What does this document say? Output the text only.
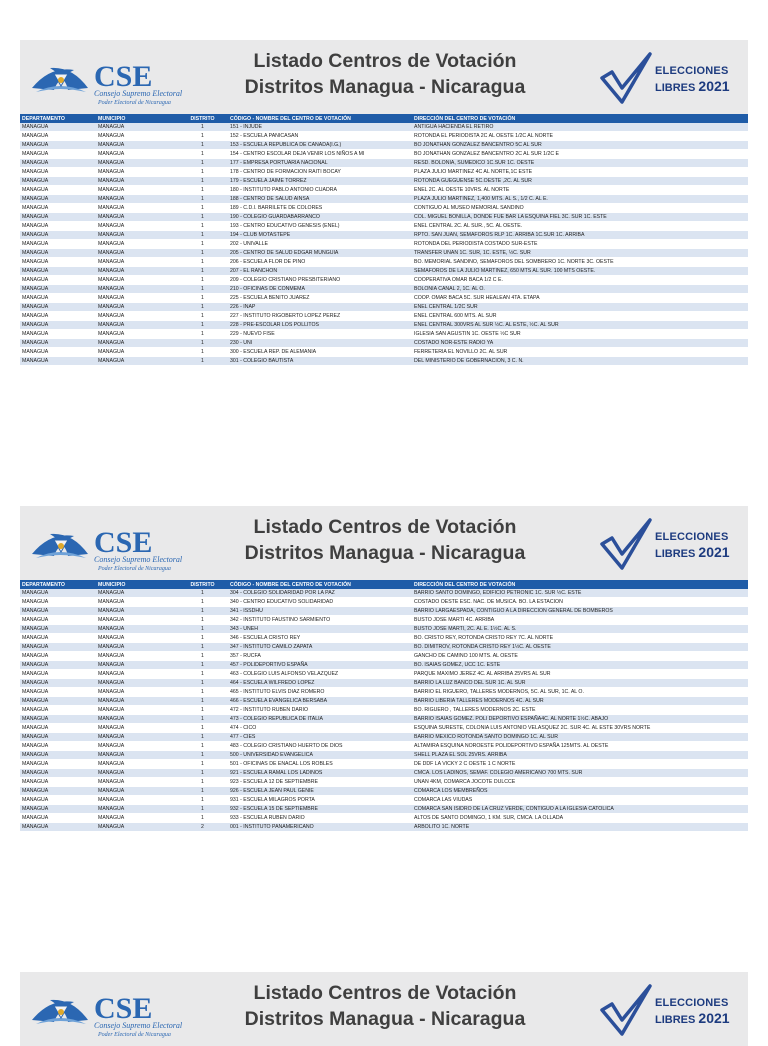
CSE
Consejo Supremo Electoral
Poder Electoral de Nicaragua
Listado Centros de Votación
Distritos Managua - Nicaragua
ELECCIONES
LIBRES 2021
DEPARTAMENTO	MUNICIPIO	DISTRITO	CÓDIGO - NOMBRE DEL CENTRO DE VOTACIÓN	DIRECCIÓN DEL CENTRO DE VOTACIÓN
MANAGUA	MANAGUA	1	151 - INJUDE	ANTIGUA HACIENDA EL RETIRO
MANAGUA	MANAGUA	1	152 - ESCUELA PANICASAN	ROTONDA EL PERIODISTA 2C AL OESTE 1/2C AL NORTE
MANAGUA	MANAGUA	1	153 - ESCUELA REPUBLICA DE CANADA(I.G.)	BO JONATHAN GONZALEZ BANCENTRO 5C AL SUR
MANAGUA	MANAGUA	1	154 - CENTRO ESCOLAR DEJA VENIR LOS NIÑOS A MI	BO JONATHAN GONZALEZ BANCENTRO 2C AL SUR 1/2C E
MANAGUA	MANAGUA	1	177 - EMPRESA PORTUARIA NACIONAL	RESD. BOLONIA, SUMEDICO 1C.SUR 1C. OESTE
MANAGUA	MANAGUA	1	178 - CENTRO DE FORMACION RAITI BOCAY	PLAZA JULIO MARTINEZ 4C AL NORTE,1C ESTE
MANAGUA	MANAGUA	1	179 - ESCUELA JAIME TORREZ	ROTONDA GUEGUENSE 5C.OESTE ,2C. AL SUR
MANAGUA	MANAGUA	1	180 - INSTITUTO PABLO ANTONIO CUADRA	ENEL 2C. AL OESTE 10VRS. AL NORTE
MANAGUA	MANAGUA	1	188 - CENTRO DE SALUD AINSA	PLAZA JULIO MARTINEZ, 1,400 MTS. AL S., 1/2 C. AL E.
MANAGUA	MANAGUA	1	189 - C.D.I. BARRILETE DE COLORES	CONTIGUO AL MUSEO MEMORIAL SANDINO
MANAGUA	MANAGUA	1	190 - COLEGIO GUARDABARRANCO	COL. MIGUEL BONILLA, DONDE FUE BAR LA ESQUINA FIEL 3C. SUR 1C. ESTE
MANAGUA	MANAGUA	1	193 - CENTRO EDUCATIVO GENESIS (ENEL)	ENEL CENTRAL 2C. AL SUR., 5C. AL OESTE.
MANAGUA	MANAGUA	1	194 - CLUB MOTASTEPE	RPTO. SAN JUAN, SEMAFOROS RLP 1C. ARRIBA 1C.SUR 1C. ARRIBA
MANAGUA	MANAGUA	1	202 - UNIVALLE	ROTONDA DEL PERIODISTA COSTADO SUR-ESTE
MANAGUA	MANAGUA	1	205 - CENTRO DE SALUD EDGAR MUNGUIA	TRANSFER UNAN 1C. SUR, 1C. ESTE, ½C. SUR
MANAGUA	MANAGUA	1	206 - ESCUELA FLOR DE PINO	BO. MEMORIAL SANDINO, SEMAFOROS DEL SOMBRERO 1C. NORTE 3C. OESTE
MANAGUA	MANAGUA	1	207 - EL RANCHON	SEMAFOROS DE LA JULIO MARTINEZ, 650 MTS AL SUR. 100 MTS OESTE.
MANAGUA	MANAGUA	1	209 - COLEGIO CRISTIANO PRESBITERIANO	COOPERATIVA OMAR BACA 1/2 C E.
MANAGUA	MANAGUA	1	210 - OFICINAS DE CONMEMA	BOLONIA CANAL 2, 1C. AL O.
MANAGUA	MANAGUA	1	225 - ESCUELA BENITO JUAREZ	COOP. OMAR BACA 5C. SUR HEALEAN 4TA. ETAPA
MANAGUA	MANAGUA	1	226 - INAP	ENEL CENTRAL 1/2C SUR
MANAGUA	MANAGUA	1	227 - INSTITUTO RIGOBERTO LOPEZ PEREZ	ENEL CENTRAL 600 MTS. AL SUR
MANAGUA	MANAGUA	1	228 - PRE-ESCOLAR LOS POLLITOS	ENEL CENTRAL 300VRS AL SUR ½C. AL ESTE, ½C. AL SUR
MANAGUA	MANAGUA	1	229 - NUEVO FISE	IGLESIA SAN AGUSTIN 1C. OESTE ½C SUR
MANAGUA	MANAGUA	1	230 - UNI	COSTADO NOR-ESTE RADIO YA
MANAGUA	MANAGUA	1	300 - ESCUELA REP. DE ALEMANIA	FERRETERIA EL NOVILLO 2C. AL SUR
MANAGUA	MANAGUA	1	301 - COLEGIO BAUTISTA	DEL MINISTERIO DE GOBERNACION, 3 C. N.
CSE
Consejo Supremo Electoral
Poder Electoral de Nicaragua
Listado Centros de Votación
Distritos Managua - Nicaragua
ELECCIONES
LIBRES 2021
DEPARTAMENTO	MUNICIPIO	DISTRITO	CÓDIGO - NOMBRE DEL CENTRO DE VOTACIÓN	DIRECCIÓN DEL CENTRO DE VOTACIÓN
MANAGUA	MANAGUA	1	304 - COLEGIO SOLIDARIDAD POR LA PAZ	BARRIO SANTO DOMINGO, EDIFICIO PETRONIC 1C. SUR ½C. ESTE
MANAGUA	MANAGUA	1	340 - CENTRO EDUCATIVO SOLIDARIDAD	COSTADO OESTE ESC. NAC. DE MUSICA. BO. LA ESTACION
MANAGUA	MANAGUA	1	341 - ISSDHU	BARRIO LARGAESPADA, CONTIGUO A LA DIRECCION GENERAL DE BOMBEROS
MANAGUA	MANAGUA	1	342 - INSTITUTO FAUSTINO SARMIENTO	BUSTO JOSE MARTI 4C. ARRIBA
MANAGUA	MANAGUA	1	343 - UNEH	BUSTO JOSE MARTI, 2C. AL E. 1½C. AL S.
MANAGUA	MANAGUA	1	346 - ESCUELA CRISTO REY	BO. CRISTO REY, ROTONDA CRISTO REY 7C. AL NORTE
MANAGUA	MANAGUA	1	347 - INSTITUTO CAMILO ZAPATA	BO. DIMITROV, ROTONDA CRISTO REY 1½C. AL OESTE
MANAGUA	MANAGUA	1	357 - RUCFA	GANCHO DE CAMINO 100 MTS. AL OESTE
MANAGUA	MANAGUA	1	457 - POLIDEPORTIVO ESPAÑA	BO. ISAIAS GOMEZ, UCC 1C. ESTE
MANAGUA	MANAGUA	1	463 - COLEGIO LUIS ALFONSO VELAZQUEZ	PARQUE MAXIMO JEREZ 4C. AL ARRIBA 25VRS AL SUR
MANAGUA	MANAGUA	1	464 - ESCUELA WILFREDO LOPEZ	BARRIO LA LUZ BANCO DEL SUR 1C. AL SUR
MANAGUA	MANAGUA	1	465 - INSTITUTO ELVIS DIAZ ROMERO	BARRIO EL RIGUERO, TALLERES MODERNOS, 5C. AL SUR, 1C. AL O.
MANAGUA	MANAGUA	1	466 - ESCUELA EVANGELICA BERSABA	BARRIO LIBERIA TALLERES MODERNOS 4C. AL SUR
MANAGUA	MANAGUA	1	472 - INSTITUTO RUBEN DARIO	BO. RIGUERO , TALLERES MODERNOS 2C. ESTE
MANAGUA	MANAGUA	1	473 - COLEGIO REPUBLICA DE ITALIA	BARRIO ISAIAS GOMEZ. POLI DEPORTIVO ESPAÑA4C. AL NORTE 1½C. ABAJO
MANAGUA	MANAGUA	1	474 - CICO	ESQUINA SURESTE, COLONIA LUIS ANTONIO VELASQUEZ 2C. SUR 4C. AL ESTE 30VRS NORTE
MANAGUA	MANAGUA	1	477 - CIES	BARRIO MEXICO ROTONDA SANTO DOMINGO 1C. AL SUR
MANAGUA	MANAGUA	1	483 - COLEGIO CRISTIANO HUERTO DE DIOS	ALTAMIRA ESQUINA NOROESTE POLIDEPORTIVO ESPAÑA 125MTS. AL OESTE
MANAGUA	MANAGUA	1	500 - UNIVERSIDAD EVANGELICA	SHELL PLAZA EL SOL 25VRS. ARRIBA
MANAGUA	MANAGUA	1	501 - OFICINAS DE ENACAL LOS ROBLES	DE DDF LA VICKY 2 C OESTE 1 C NORTE
MANAGUA	MANAGUA	1	921 - ESCUELA RAMAL LOS LADINOS	CMCA. LOS LADINOS, SEMAF. COLEGIO AMERICANO 700 MTS. SUR
MANAGUA	MANAGUA	1	923 - ESCUELA 12 DE SEPTIEMBRE	UNAN 4KM, COMARCA JOCOTE DULCCE
MANAGUA	MANAGUA	1	926 - ESCUELA JEAN PAUL GENIE	COMARCA LOS MEMBREÑOS
MANAGUA	MANAGUA	1	931 - ESCUELA MILAGROS PORTA	COMARCA LAS VIUDAS
MANAGUA	MANAGUA	1	932 - ESCUELA 15 DE SEPTIEMBRE	COMARCA SAN ISIDRO DE LA CRUZ VERDE, CONTIGUO A LA IGLESIA CATOLICA
MANAGUA	MANAGUA	1	933 - ESCUELA RUBEN DARIO	ALTOS DE SANTO DOMINGO, 1 KM. SUR, CMCA. LA OLLADA
MANAGUA	MANAGUA	2	001 - INSTITUTO PANAMERICANO	ARBOLITO 1C. NORTE
CSE
Consejo Supremo Electoral
Poder Electoral de Nicaragua
Listado Centros de Votación
Distritos Managua - Nicaragua
ELECCIONES
LIBRES 2021
